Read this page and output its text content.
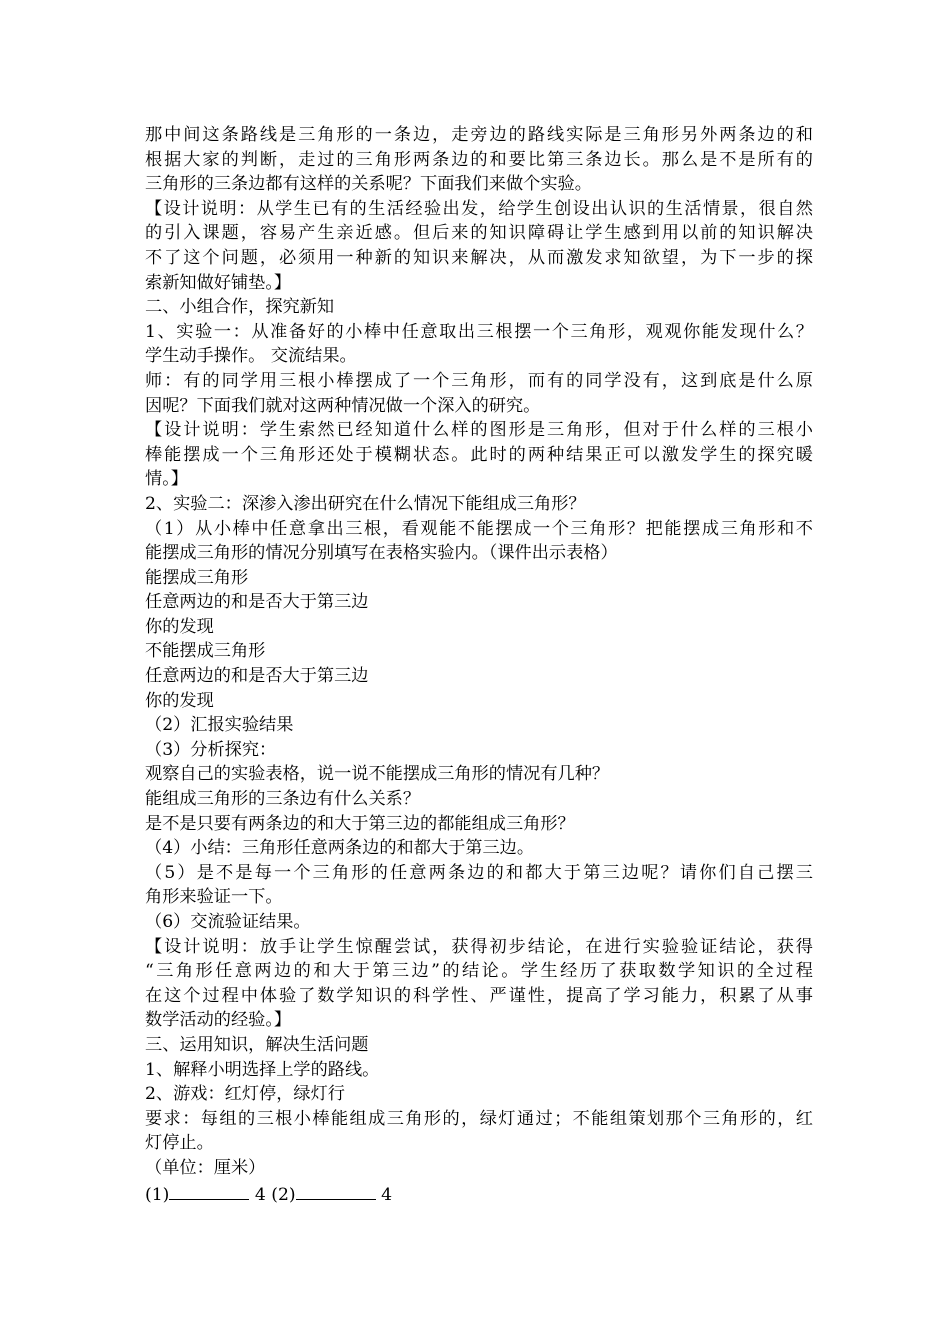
那中间这条路线是三角形的一条边，走旁边的路线实际是三角形另外两条边的和
根据大家的判断，走过的三角形两条边的和要比第三条边长。那么是不是所有的
三角形的三条边都有这样的关系呢？下面我们来做个实验。
【设计说明：从学生已有的生活经验出发，给学生创设出认识的生活情景，很自然
的引入课题，容易产生亲近感。但后来的知识障碍让学生感到用以前的知识解决
不了这个问题，必须用一种新的知识来解决，从而激发求知欲望，为下一步的探
索新知做好铺垫。】
二、小组合作，探究新知
1、实验一：从准备好的小棒中任意取出三根摆一个三角形，观观你能发现什么？
学生动手操作。 交流结果。
师：有的同学用三根小棒摆成了一个三角形，而有的同学没有，这到底是什么原
因呢？下面我们就对这两种情况做一个深入的研究。
【设计说明：学生索然已经知道什么样的图形是三角形，但对于什么样的三根小
棒能摆成一个三角形还处于模糊状态。此时的两种结果正可以激发学生的探究暖
情。】
2、实验二：深渗入渗出研究在什么情况下能组成三角形？
（1）从小棒中任意拿出三根，看观能不能摆成一个三角形？把能摆成三角形和不
能摆成三角形的情况分别填写在表格实验内。（课件出示表格）
能摆成三角形
任意两边的和是否大于第三边
你的发现
不能摆成三角形
任意两边的和是否大于第三边
你的发现
（2）汇报实验结果
（3）分析探究：
观察自己的实验表格，说一说不能摆成三角形的情况有几种？
能组成三角形的三条边有什么关系？
是不是只要有两条边的和大于第三边的都能组成三角形？
（4）小结：三角形任意两条边的和都大于第三边。
（5）是不是每一个三角形的任意两条边的和都大于第三边呢？请你们自己摆三
角形来验证一下。
（6）交流验证结果。
【设计说明：放手让学生惊醒尝试，获得初步结论，在进行实验验证结论，获得
“三角形任意两边的和大于第三边”的结论。学生经历了获取数学知识的全过程
在这个过程中体验了数学知识的科学性、严谨性，提高了学习能力，积累了从事
数学活动的经验。】
三、运用知识，解决生活问题
1、解释小明选择上学的路线。
2、游戏：红灯停，绿灯行
要求：每组的三根小棒能组成三角形的，绿灯通过；不能组策划那个三角形的，红
灯停止。
（单位：厘米）
(1)	4 (2)	4
